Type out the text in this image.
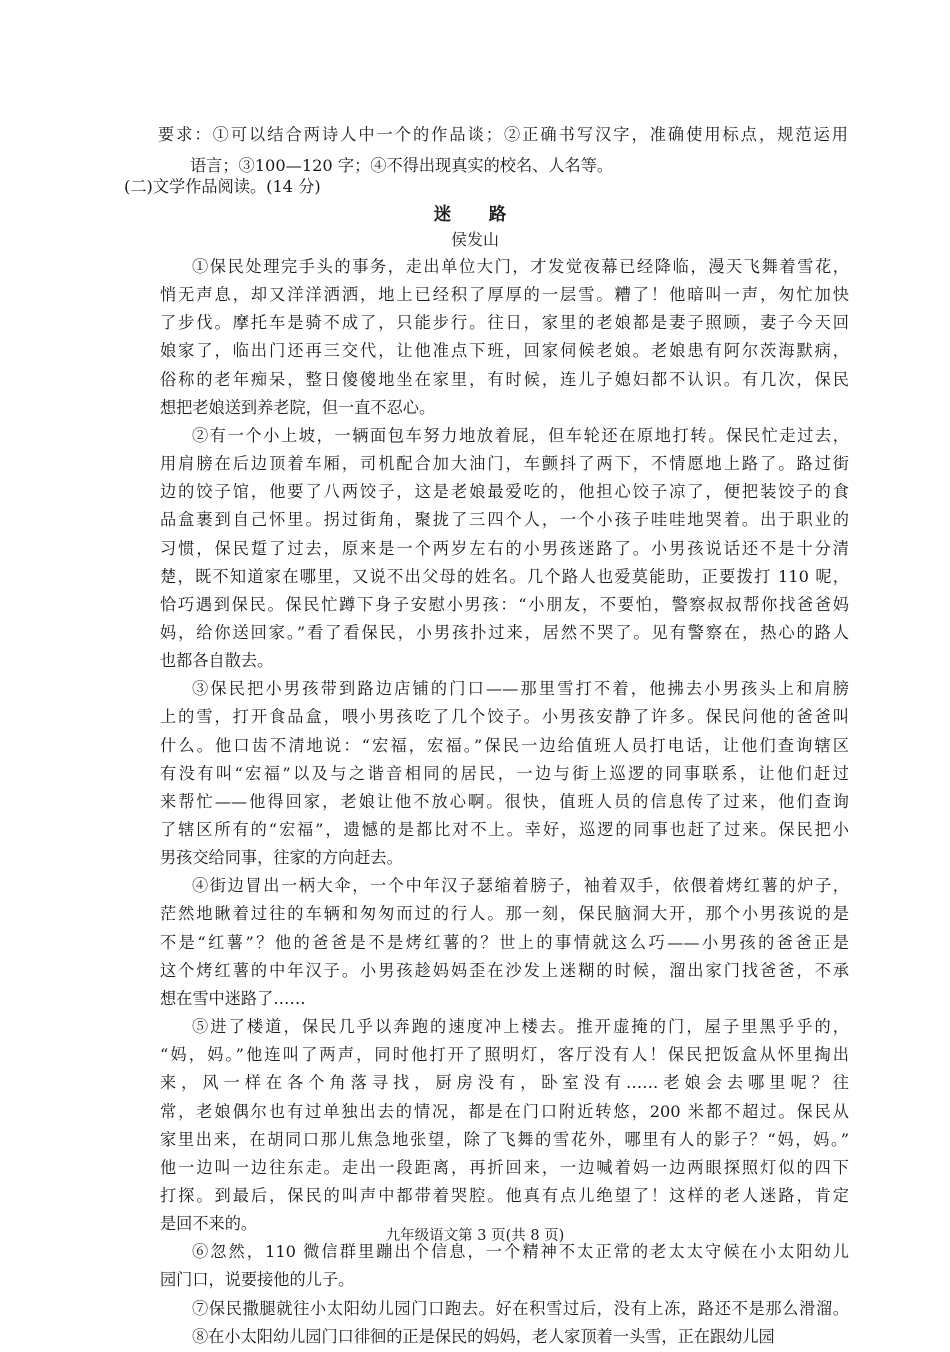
要求：①可以结合两诗人中一个的作品谈；②正确书写汉字，准确使用标点，规范运用
语言；③100—120 字；④不得出现真实的校名、人名等。
(二)文学作品阅读。(14 分)
迷　路
侯发山
①保民处理完手头的事务，走出单位大门，才发觉夜幕已经降临，漫天飞舞着雪花，
悄无声息，却又洋洋洒洒，地上已经积了厚厚的一层雪。糟了！他暗叫一声，匆忙加快
了步伐。摩托车是骑不成了，只能步行。往日，家里的老娘都是妻子照顾，妻子今天回
娘家了，临出门还再三交代，让他准点下班，回家伺候老娘。老娘患有阿尔茨海默病，
俗称的老年痴呆，整日傻傻地坐在家里，有时候，连儿子媳妇都不认识。有几次，保民
想把老娘送到养老院，但一直不忍心。
②有一个小上坡，一辆面包车努力地放着屁，但车轮还在原地打转。保民忙走过去，
用肩膀在后边顶着车厢，司机配合加大油门，车颤抖了两下，不情愿地上路了。路过街
边的饺子馆，他要了八两饺子，这是老娘最爱吃的，他担心饺子凉了，便把装饺子的食
品盒裹到自己怀里。拐过街角，聚拢了三四个人，一个小孩子哇哇地哭着。出于职业的
习惯，保民踅了过去，原来是一个两岁左右的小男孩迷路了。小男孩说话还不是十分清
楚，既不知道家在哪里，又说不出父母的姓名。几个路人也爱莫能助，正要拨打 110 呢，
恰巧遇到保民。保民忙蹲下身子安慰小男孩：“小朋友，不要怕，警察叔叔帮你找爸爸妈
妈，给你送回家。”看了看保民，小男孩扑过来，居然不哭了。见有警察在，热心的路人
也都各自散去。
③保民把小男孩带到路边店铺的门口——那里雪打不着，他拂去小男孩头上和肩膀
上的雪，打开食品盒，喂小男孩吃了几个饺子。小男孩安静了许多。保民问他的爸爸叫
什么。他口齿不清地说：“宏福，宏福。”保民一边给值班人员打电话，让他们查询辖区
有没有叫“宏福”以及与之谐音相同的居民，一边与街上巡逻的同事联系，让他们赶过
来帮忙——他得回家，老娘让他不放心啊。很快，值班人员的信息传了过来，他们查询
了辖区所有的“宏福”，遗憾的是都比对不上。幸好，巡逻的同事也赶了过来。保民把小
男孩交给同事，往家的方向赶去。
④街边冒出一柄大伞，一个中年汉子瑟缩着膀子，袖着双手，依偎着烤红薯的炉子，
茫然地瞅着过往的车辆和匆匆而过的行人。那一刻，保民脑洞大开，那个小男孩说的是
不是“红薯”？他的爸爸是不是烤红薯的？世上的事情就这么巧——小男孩的爸爸正是
这个烤红薯的中年汉子。小男孩趁妈妈歪在沙发上迷糊的时候，溜出家门找爸爸，不承
想在雪中迷路了……
⑤进了楼道，保民几乎以奔跑的速度冲上楼去。推开虚掩的门，屋子里黑乎乎的，
“妈，妈。”他连叫了两声，同时他打开了照明灯，客厅没有人！保民把饭盒从怀里掏出
来，风一样在各个角落寻找，厨房没有，卧室没有……老娘会去哪里呢？往
常，老娘偶尔也有过单独出去的情况，都是在门口附近转悠，200 米都不超过。保民从
家里出来，在胡同口那儿焦急地张望，除了飞舞的雪花外，哪里有人的影子？“妈，妈。”
他一边叫一边往东走。走出一段距离，再折回来，一边喊着妈一边两眼探照灯似的四下
打探。到最后，保民的叫声中都带着哭腔。他真有点儿绝望了！这样的老人迷路，肯定
是回不来的。
⑥忽然，110 微信群里蹦出个信息，一个精神不太正常的老太太守候在小太阳幼儿
园门口，说要接他的儿子。
⑦保民撒腿就往小太阳幼儿园门口跑去。好在积雪过后，没有上冻，路还不是那么滑溜。
⑧在小太阳幼儿园门口徘徊的正是保民的妈妈，老人家顶着一头雪，正在跟幼儿园
九年级语文第 3 页(共 8 页)
